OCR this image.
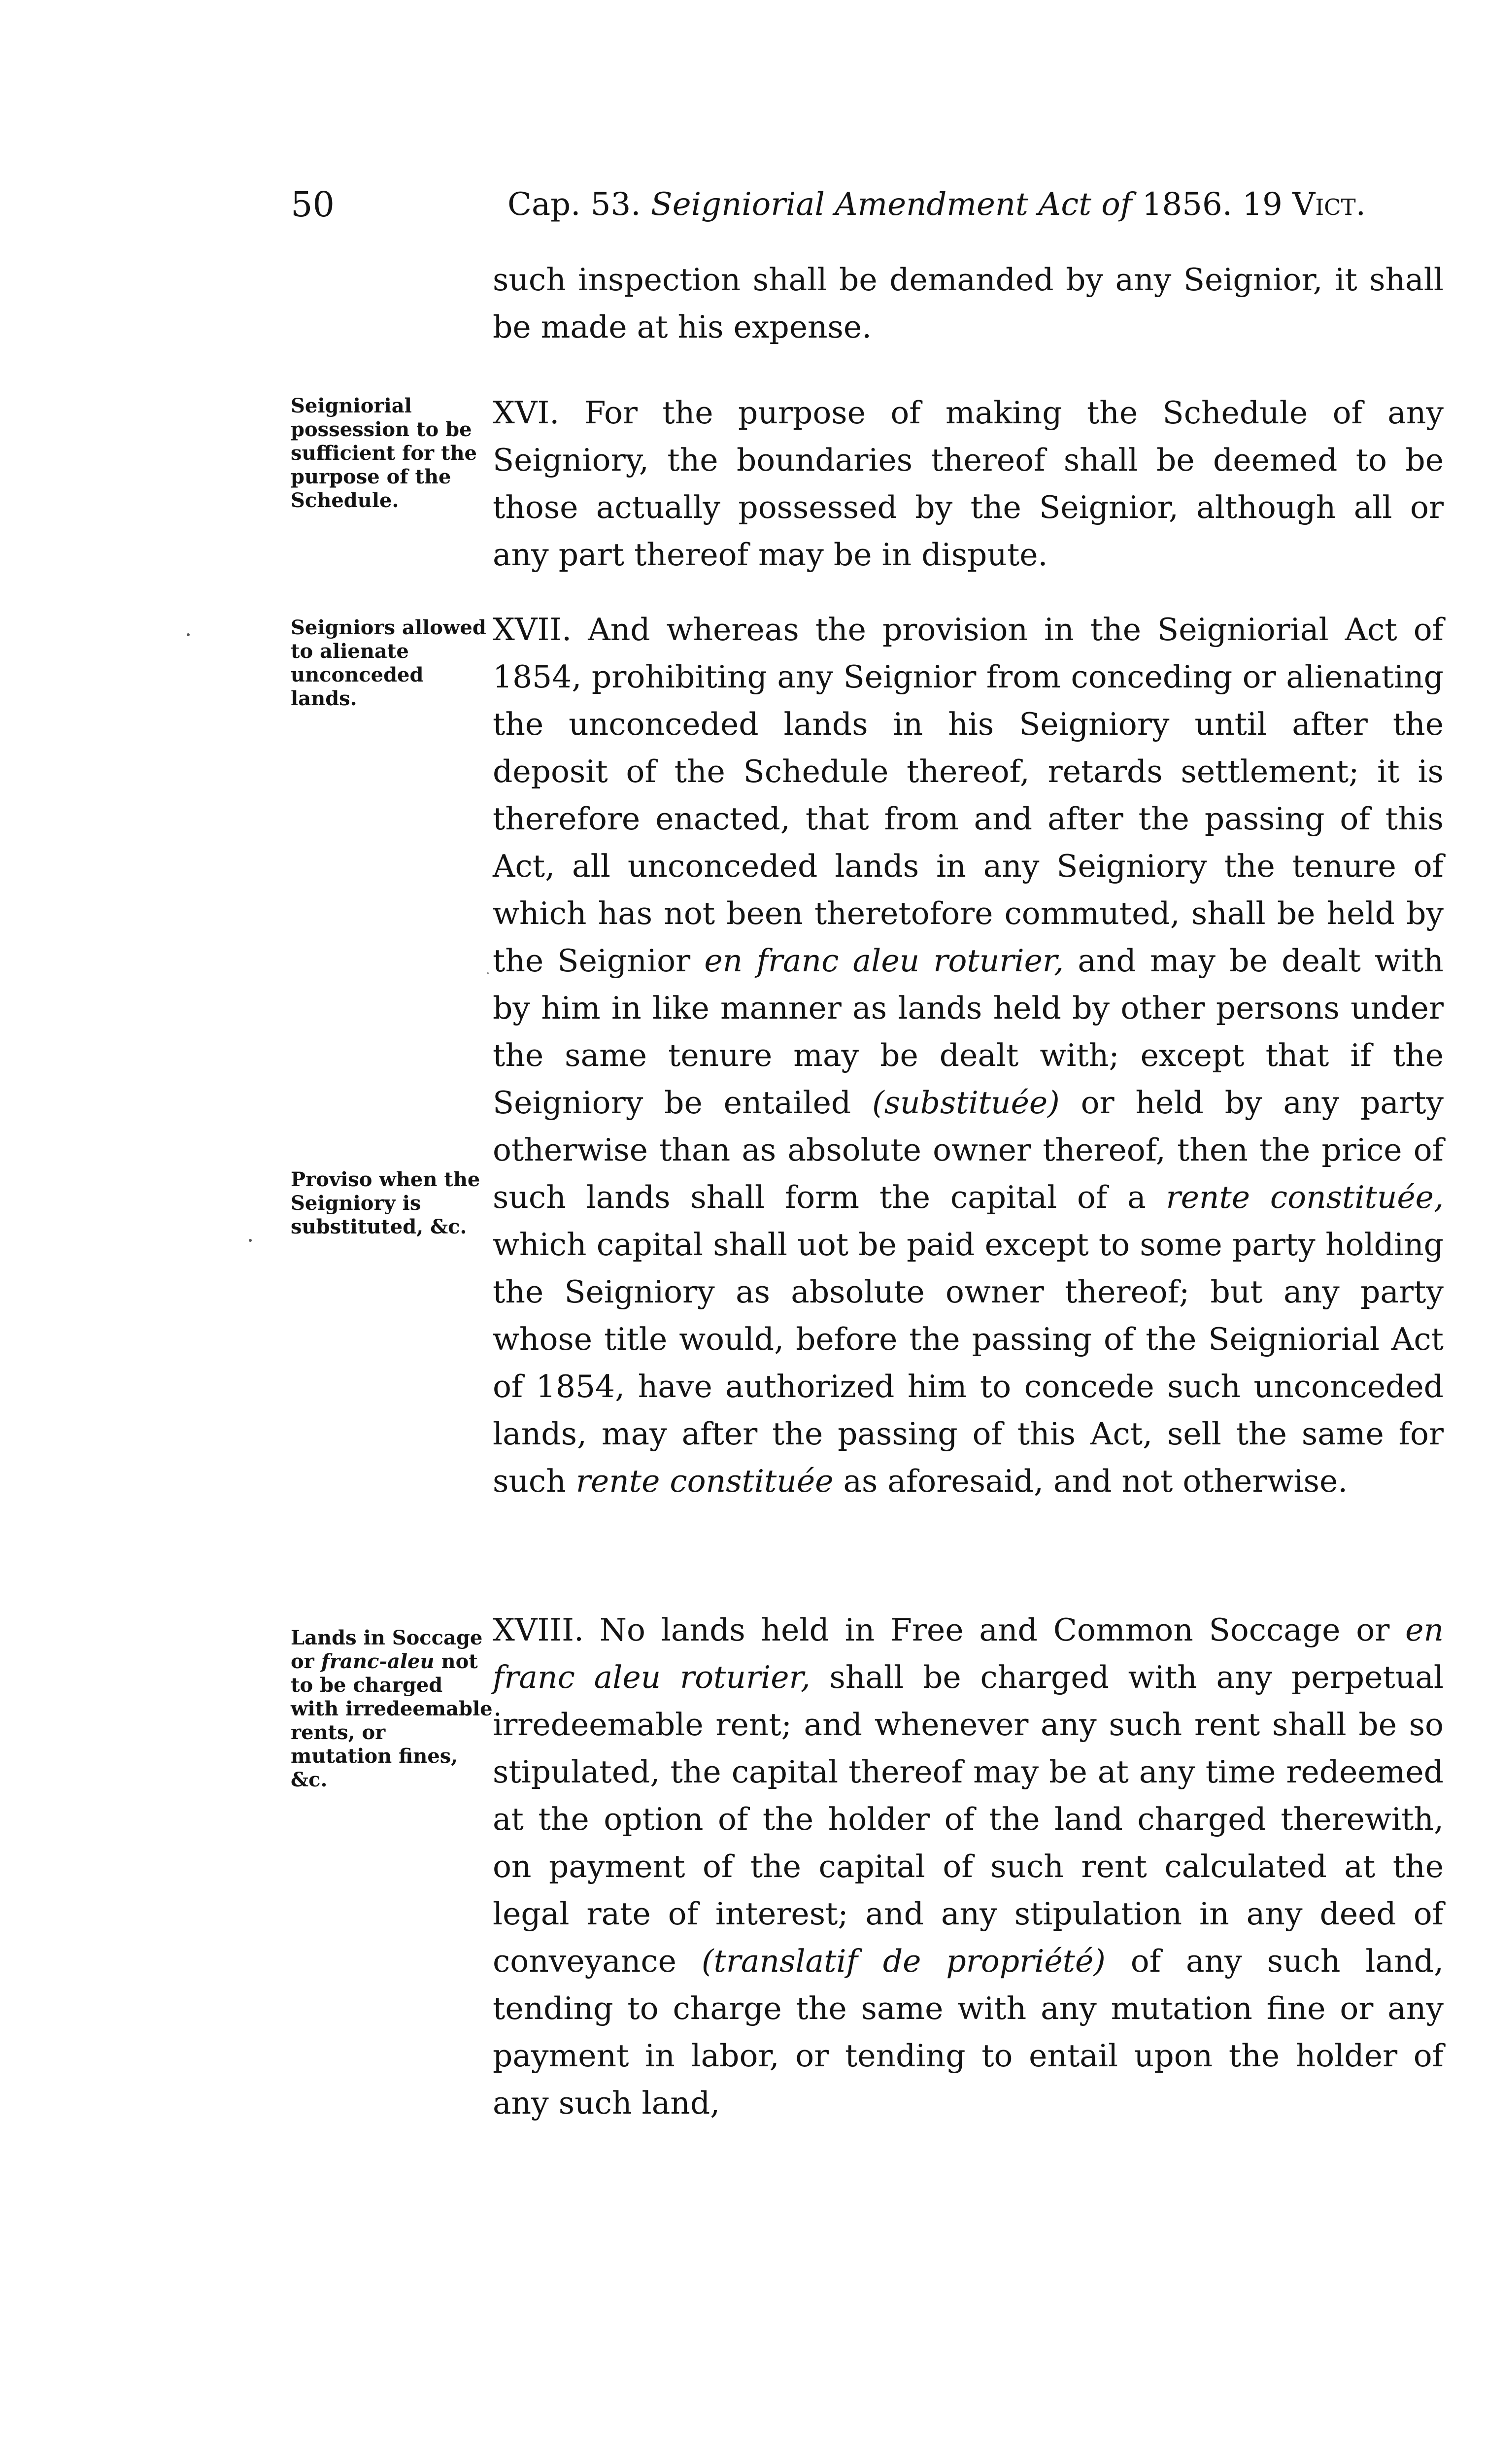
50	Cap. 53. Seigniorial Amendment Act of 1856. 19 Vict.

such inspection shall be demanded by any Seignior, it shall be made at his expense.

XVI. For the purpose of making the Schedule of any Seigniory, the boundaries thereof shall be deemed to be those actually possessed by the Seignior, although all or any part thereof may be in dispute.

Seigniorial possession to be sufficient for the purpose of the Schedule.

XVII. And whereas the provision in the Seigniorial Act of 1854, prohibiting any Seignior from conceding or alienating the unconceded lands in his Seigniory until after the deposit of the Schedule thereof, retards settlement; it is therefore enacted, that from and after the passing of this Act, all unconceded lands in any Seigniory the tenure of which has not been theretofore commuted, shall be held by the Seignior en franc aleu roturier, and may be dealt with by him in like manner as lands held by other persons under the same tenure may be dealt with; except that if the Seigniory be entailed (substituée) or held by any party otherwise than as absolute owner thereof, then the price of such lands shall form the capital of a rente constituée, which capital shall uot be paid except to some party holding the Seigniory as absolute owner thereof; but any party whose title would, before the passing of the Seigniorial Act of 1854, have authorized him to concede such unconceded lands, may after the passing of this Act, sell the same for such rente constituée as aforesaid, and not otherwise.

Seigniors allowed to alienate unconceded lands.
Proviso when the Seigniory is substituted, &c.

XVIII. No lands held in Free and Common Soccage or en franc aleu roturier, shall be charged with any perpetual irredeemable rent; and whenever any such rent shall be so stipulated, the capital thereof may be at any time redeemed at the option of the holder of the land charged therewith, on payment of the capital of such rent calculated at the legal rate of interest; and any stipulation in any deed of conveyance (translatif de propriété) of any such land, tending to charge the same with any mutation fine or any payment in labor, or tending to entail upon the holder of any such land,

Lands in Soccage or franc-aleu not to be charged with irredeemable rents, or mutation fines, &c.
